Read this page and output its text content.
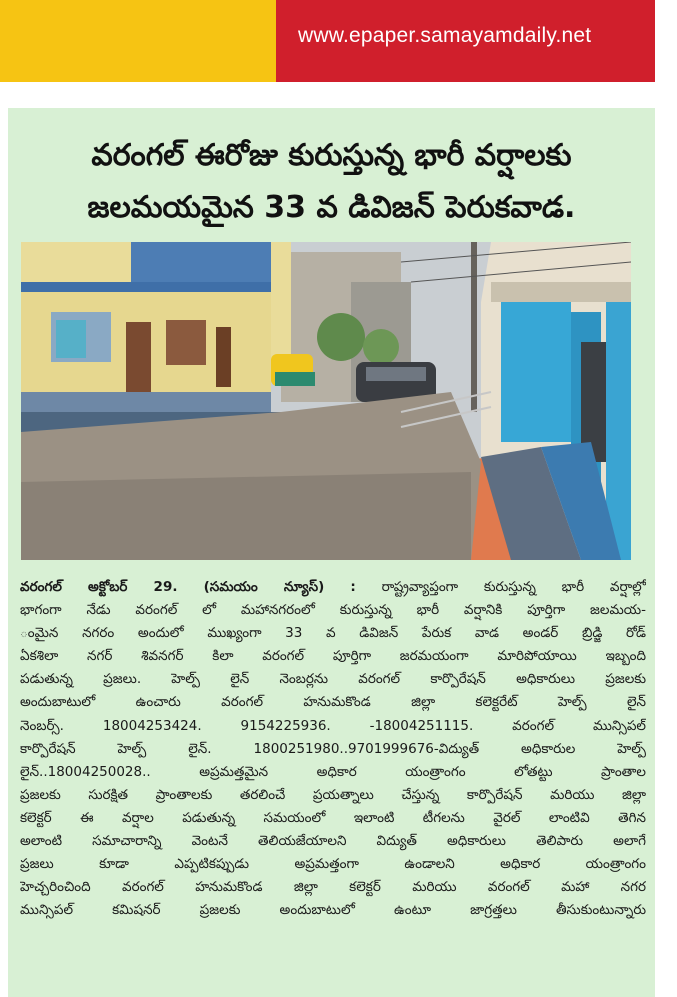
www.epaper.samayamdaily.net
వరంగల్ ఈరోజు కురుస్తున్న భారీ వర్షాలకు
జలమయమైన 33 వ డివిజన్ పెరుకవాడ.
వరంగల్ అక్టోబర్ 29. (సమయం న్యూస్) : రాష్ట్రవ్యాప్తంగా కురుస్తున్న భారీ వర్షాల్లో
భాగంగా నేడు వరంగల్ లో మహానగరంలో కురుస్తున్న భారీ వర్షానికి పూర్తిగా జలమయ-
ంమైన నగరం అందులో ముఖ్యంగా 33 వ డివిజన్ పేరుక వాడ అండర్ బ్రిడ్జి రోడ్
ఏకశిలా నగర్ శివనగర్ కిలా వరంగల్ పూర్తిగా జరమయంగా మారిపోయాయి ఇబ్బంది
పడుతున్న ప్రజలు. హెల్ప్ లైన్ నెంబర్లను వరంగల్ కార్పొరేషన్ అధికారులు ప్రజలకు
అందుబాటులో ఉంచారు వరంగల్ హనుమకొండ జిల్లా కలెక్టరేట్ హెల్ప్ లైన్
నెంబర్స్. 18004253424. 9154225936. -18004251115. వరంగల్ మున్సిపల్
కార్పొరేషన్ హెల్ప్ లైన్. 1800251980..9701999676-విద్యుత్ అధికారుల హెల్ప్
లైన్..18004250028.. అప్రమత్తమైన అధికార యంత్రాంగం లోతట్టు ప్రాంతాల
ప్రజలకు సురక్షిత ప్రాంతాలకు తరలించే ప్రయత్నాలు చేస్తున్న కార్పొరేషన్ మరియు జిల్లా
కలెక్టర్ ఈ వర్షాల పడుతున్న సమయంలో ఇలాంటి టీగలను వైరల్ లాంటివి తెగిన
అలాంటి సమాచారాన్ని వెంటనే తెలియజేయాలని విద్యుత్ అధికారులు తెలిపారు అలాగే
ప్రజలు కూడా ఎప్పటికప్పుడు అప్రమత్తంగా ఉండాలని అధికార యంత్రాంగం
హెచ్చరించింది వరంగల్ హనుమకొండ జిల్లా కలెక్టర్ మరియు వరంగల్ మహా నగర
మున్సిపల్ కమిషనర్ ప్రజలకు అందుబాటులో ఉంటూ జాగ్రత్తలు తీసుకుంటున్నారు
